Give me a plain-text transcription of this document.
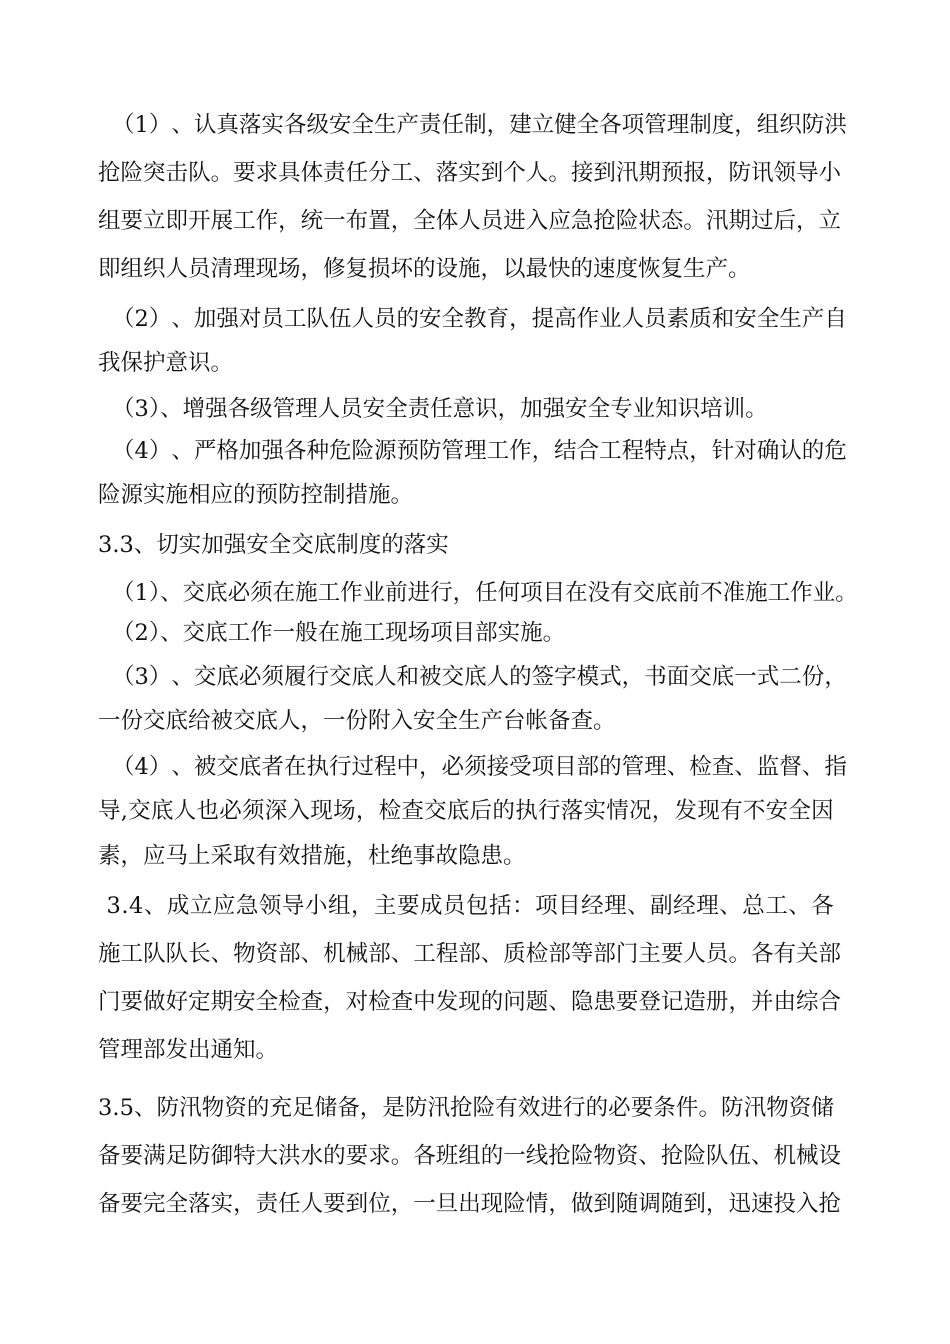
（ 1 ） 、 认 真 落 实 各 级 安 全 生 产 责 任 制 ， 建 立 健 全 各 项 管 理 制 度 ， 组 织 防 洪
抢 险 突 击 队 。 要 求 具 体 责 任 分 工 、 落 实 到 个 人 。 接 到 汛 期 预 报 ， 防 讯 领 导 小
组 要 立 即 开 展 工 作 ， 统 一 布 置 ， 全 体 人 员 进 入 应 急 抢 险 状 态 。 汛 期 过 后 ， 立
即组织人员清理现场，修复损坏的设施，以最快的速度恢复生产。
（ 2 ） 、 加 强 对 员 工 队 伍 人 员 的 安 全 教 育 ， 提 高 作 业 人 员 素 质 和 安 全 生 产 自
我保护意识。
（3）、增强各级管理人员安全责任意识，加强安全专业知识培训。
（ 4 ） 、 严 格 加 强 各 种 危 险 源 预 防 管 理 工 作 ， 结 合 工 程 特 点 ， 针 对 确 认 的 危
险源实施相应的预防控制措施。
3.3、切实加强安全交底制度的落实
（1）、交底必须在施工作业前进行，任何项目在没有交底前不准施工作业。
（2）、交底工作一般在施工现场项目部实施。
（ 3 ） 、 交 底 必 须 履 行 交 底 人 和 被 交 底 人 的 签 字 模 式 ， 书 面 交 底 一 式 二 份 ，
一份交底给被交底人，一份附入安全生产台帐备查。
（ 4 ） 、 被 交 底 者 在 执 行 过 程 中 ， 必 须 接 受 项 目 部 的 管 理 、 检 查 、 监 督 、 指
导 , 交 底 人 也 必 须 深 入 现 场 ， 检 查 交 底 后 的 执 行 落 实 情 况 ， 发 现 有 不 安 全 因
素，应马上采取有效措施，杜绝事故隐患。
3 . 4 、 成 立 应 急 领 导 小 组 ， 主 要 成 员 包 括 ： 项 目 经 理 、 副 经 理 、 总 工 、 各
施 工 队 队 长 、 物 资 部 、 机 械 部 、 工 程 部 、 质 检 部 等 部 门 主 要 人 员 。 各 有 关 部
门 要 做 好 定 期 安 全 检 查 ， 对 检 查 中 发 现 的 问 题 、 隐 患 要 登 记 造 册 ， 并 由 综 合
管理部发出通知。
3 . 5 、 防 汛 物 资 的 充 足 储 备 ， 是 防 汛 抢 险 有 效 进 行 的 必 要 条 件 。 防 汛 物 资 储
备 要 满 足 防 御 特 大 洪 水 的 要 求 。 各 班 组 的 一 线 抢 险 物 资 、 抢 险 队 伍 、 机 械 设
备 要 完 全 落 实 ， 责 任 人 要 到 位 ， 一 旦 出 现 险 情 ， 做 到 随 调 随 到 ， 迅 速 投 入 抢
